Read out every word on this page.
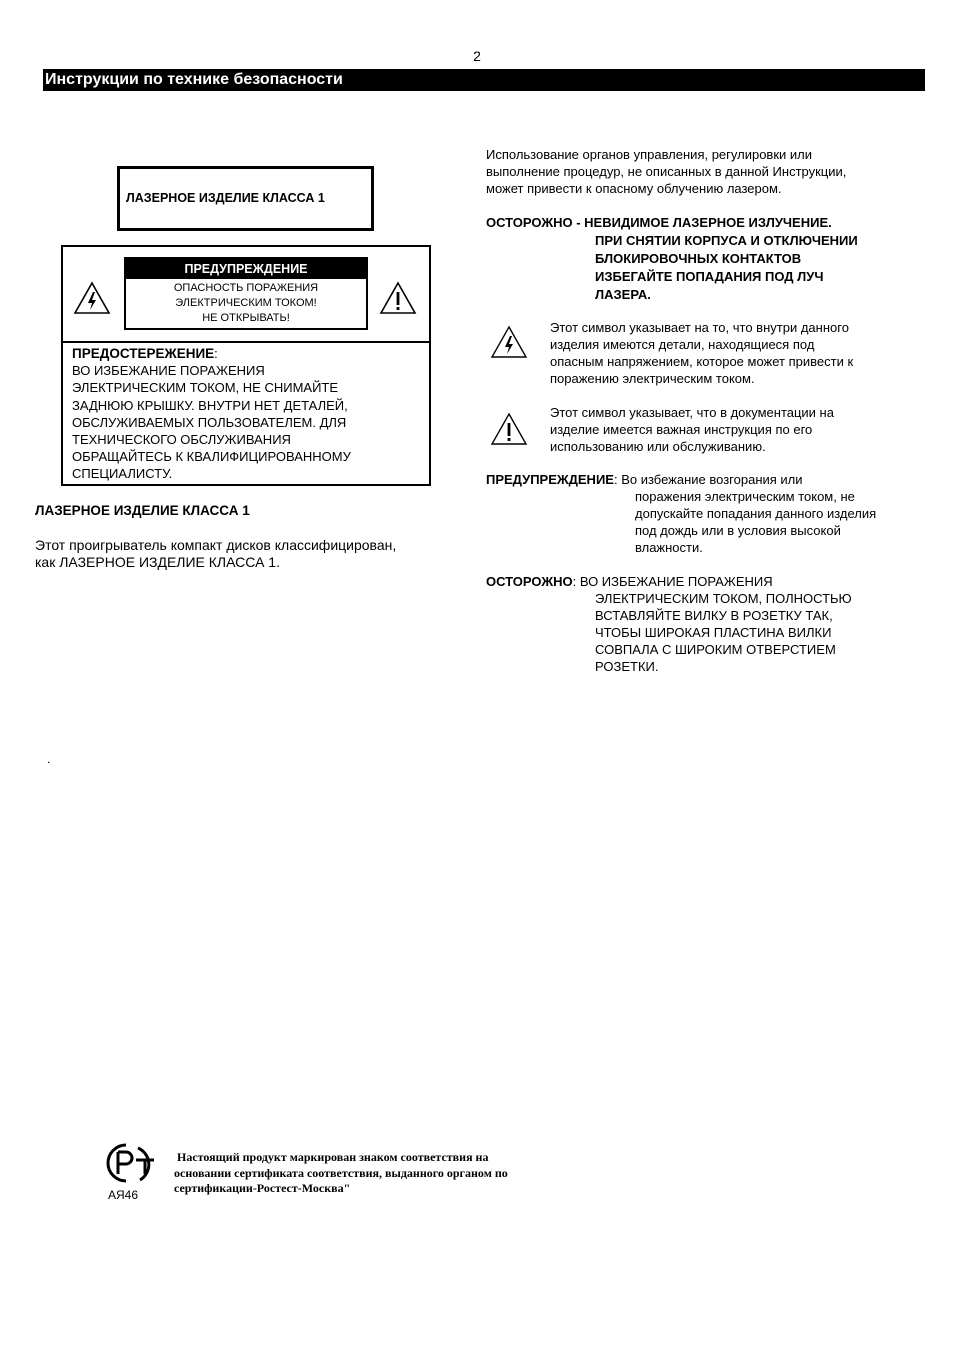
2
Инструкции по технике безопасности
ЛАЗЕРНОЕ ИЗДЕЛИЕ КЛАССА 1
ПРЕДУПРЕЖДЕНИЕ
ОПАСНОСТЬ ПОРАЖЕНИЯ
ЭЛЕКТРИЧЕСКИМ ТОКОМ!
НЕ ОТКРЫВАТЬ!
ПРЕДОСТЕРЕЖЕНИЕ:
ВО ИЗБЕЖАНИЕ ПОРАЖЕНИЯ
ЭЛЕКТРИЧЕСКИМ ТОКОМ, НЕ СНИМАЙТЕ
ЗАДНЮЮ КРЫШКУ. ВНУТРИ НЕТ ДЕТАЛЕЙ,
ОБСЛУЖИВАЕМЫХ ПОЛЬЗОВАТЕЛЕМ. ДЛЯ
ТЕХНИЧЕСКОГО ОБСЛУЖИВАНИЯ
ОБРАЩАЙТЕСЬ К КВАЛИФИЦИРОВАННОМУ
СПЕЦИАЛИСТУ.
ЛАЗЕРНОЕ ИЗДЕЛИЕ КЛАССА 1
Этот проигрыватель компакт дисков классифицирован,
как ЛАЗЕРНОЕ ИЗДЕЛИЕ КЛАССА 1.
.
Использование органов управления, регулировки или
выполнение процедур, не описанных в данной Инструкции,
может привести к опасному облучению лазером.
ОСТОРОЖНО - НЕВИДИМОЕ ЛАЗЕРНОЕ ИЗЛУЧЕНИЕ.
ПРИ СНЯТИИ КОРПУСА И ОТКЛЮЧЕНИИ
БЛОКИРОВОЧНЫХ КОНТАКТОВ
ИЗБЕГАЙТЕ ПОПАДАНИЯ ПОД ЛУЧ
ЛАЗЕРА.
Этот символ указывает на то, что внутри данного
изделия имеются детали, находящиеся под
опасным напряжением, которое может привести к
поражению электрическим током.
Этот символ указывает, что в документации на
изделие имеется важная инструкция по его
использованию или обслуживанию.
ПРЕДУПРЕЖДЕНИЕ: Во избежание возгорания или
поражения электрическим током, не
допускайте попадания данного изделия
под дождь или в условия высокой
влажности.
ОСТОРОЖНО: ВО ИЗБЕЖАНИЕ ПОРАЖЕНИЯ
ЭЛЕКТРИЧЕСКИМ ТОКОМ, ПОЛНОСТЬЮ
ВСТАВЛЯЙТЕ ВИЛКУ В РОЗЕТКУ ТАК,
ЧТОБЫ ШИРОКАЯ ПЛАСТИНА ВИЛКИ
СОВПАЛА С ШИРОКИМ ОТВЕРСТИЕМ
РОЗЕТКИ.
АЯ46
Настоящий продукт маркирован знаком соответствия на
основании сертификата соответствия, выданного органом по
сертификации-Ростест-Москва"
